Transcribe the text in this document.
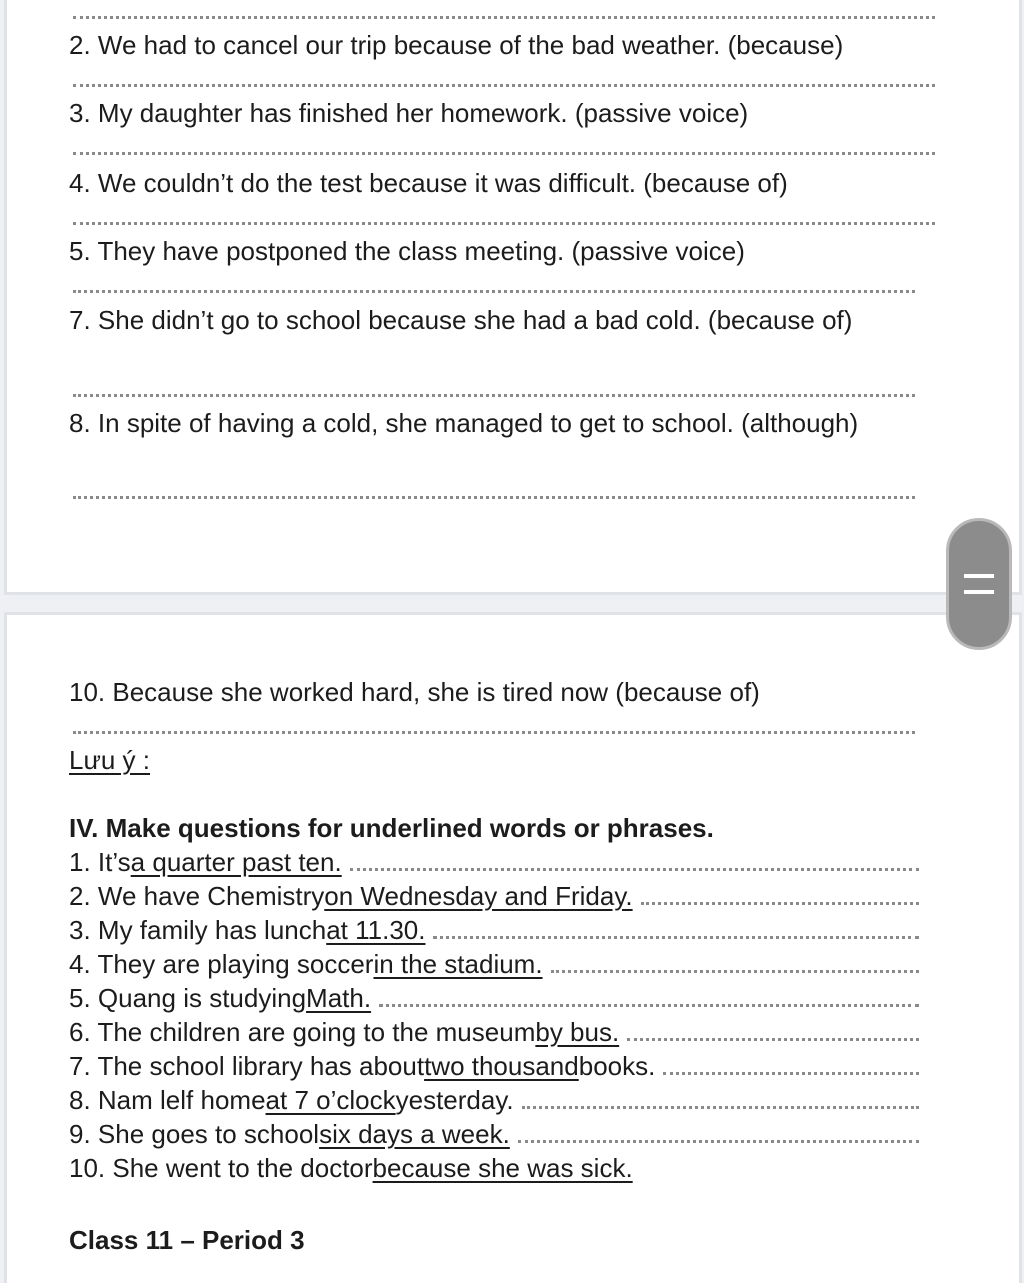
2. We had to cancel our trip because of the bad weather. (because)
3. My daughter has finished her homework. (passive voice)
4. We couldn’t do the test because it was difficult. (because of)
5. They have postponed the class meeting. (passive voice)
7. She didn’t go to school because she had a bad cold. (because of)
8. In spite of having a cold, she managed to get to school. (although)
10. Because she worked hard, she is tired now (because of)
Lưu ý :
IV. Make questions for underlined words or phrases.
1. It’s a quarter past ten.
2. We have Chemistry on Wednesday and Friday.
3. My family has lunch at 11.30.
4. They are playing soccer in the stadium.
5. Quang is studying Math.
6. The children are going to the museum by bus.
7. The school library has about two thousand books.
8. Nam lelf home at 7 o’clock yesterday.
9. She goes to school six days a week.
10. She went to the doctor because she was sick.
Class 11 – Period 3
